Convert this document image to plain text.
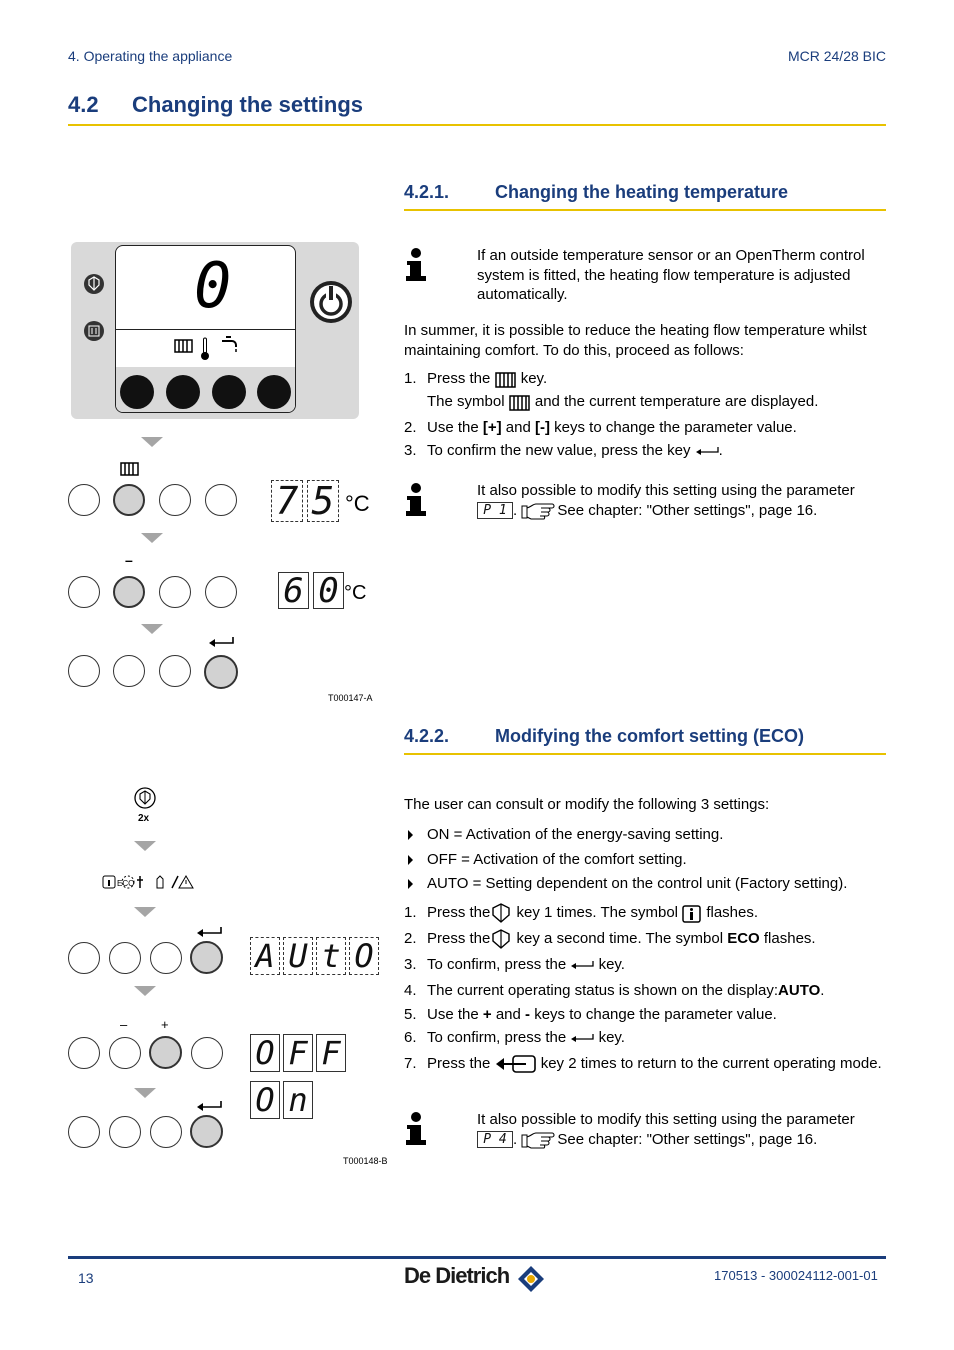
4. Operating the appliance	MCR 24/28 BIC
4.2 Changing the settings
4.2.1.	Changing the heating temperature
If an outside temperature sensor or an OpenTherm control system is fitted, the heating flow temperature is adjusted automatically.
In summer, it is possible to reduce the heating flow temperature whilst maintaining comfort. To do this, proceed as follows:
1. Press the key.
The symbol and the current temperature are displayed.
2. Use the [+] and [-] keys to change the parameter value.
3. To confirm the new value, press the key .
It also possible to modify this setting using the parameter
P 1 . See chapter: "Other settings", page 16.
0
7 5 °C
–
6 0 °C
T000147-A
4.2.2.	Modifying the comfort setting (ECO)
The user can consult or modify the following 3 settings:
ON = Activation of the energy-saving setting.
OFF = Activation of the comfort setting.
AUTO = Setting dependent on the control unit (Factory setting).
1. Press the key 1 times. The symbol flashes.
2. Press the key a second time. The symbol ECO flashes.
3. To confirm, press the key.
4. The current operating status is shown on the display:AUTO.
5. Use the + and - keys to change the parameter value.
6. To confirm, press the key.
7. Press the	key 2 times to return to the current operating mode.
It also possible to modify this setting using the parameter
P 4 . See chapter: "Other settings", page 16.
2x
ECO
A U t O
–	+
O F F
O n
T000148-B
13	De Dietrich	170513 - 300024112-001-01
